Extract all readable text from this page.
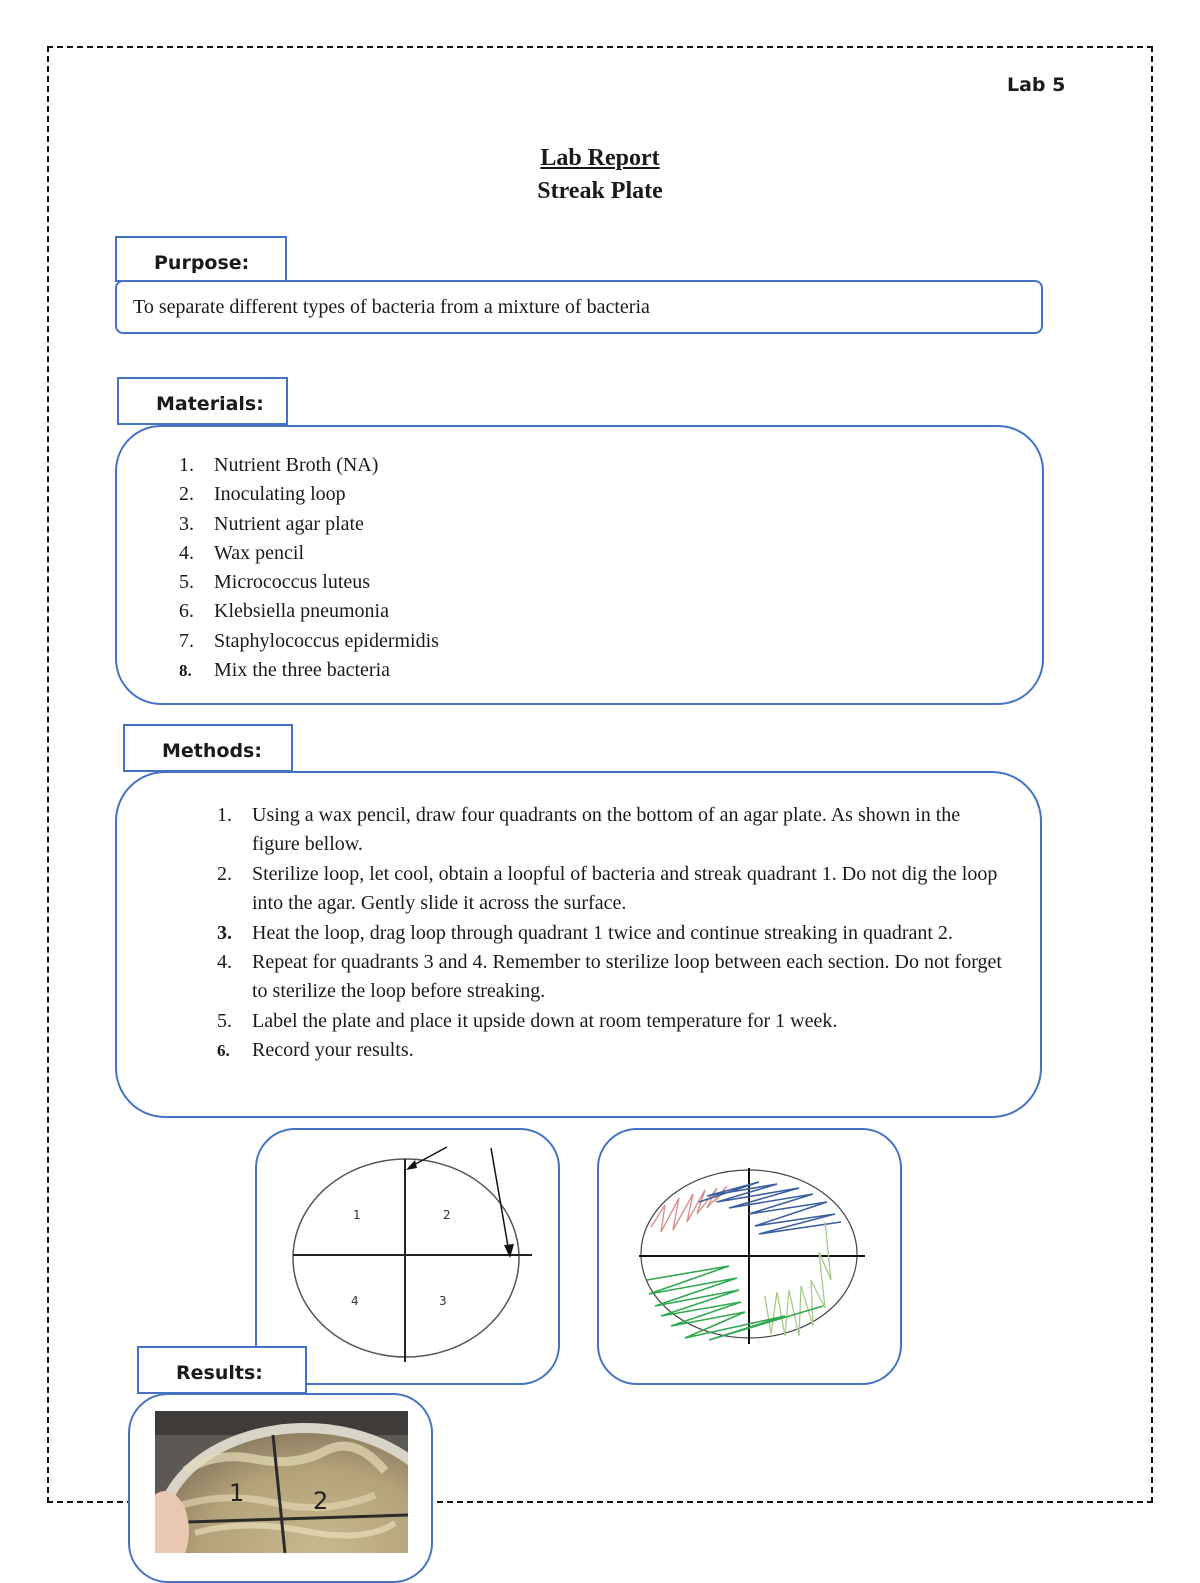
Lab 5
Lab Report
Streak Plate
Purpose:
To separate different types of bacteria from a mixture of bacteria
Materials:
1. Nutrient Broth (NA)
2. Inoculating loop
3. Nutrient agar plate
4. Wax pencil
5. Micrococcus luteus
6. Klebsiella pneumonia
7. Staphylococcus epidermidis
8. Mix the three bacteria
Methods:
1. Using a wax pencil, draw four quadrants on the bottom of an agar plate. As shown in the figure bellow.
2. Sterilize loop, let cool, obtain a loopful of bacteria and streak quadrant 1. Do not dig the loop into the agar. Gently slide it across the surface.
3. Heat the loop, drag loop through quadrant 1 twice and continue streaking in quadrant 2.
4. Repeat for quadrants 3 and 4. Remember to sterilize loop between each section. Do not forget to sterilize the loop before streaking.
5. Label the plate and place it upside down at room temperature for 1 week.
6. Record your results.
1	2
4	3
Results:
1	2
